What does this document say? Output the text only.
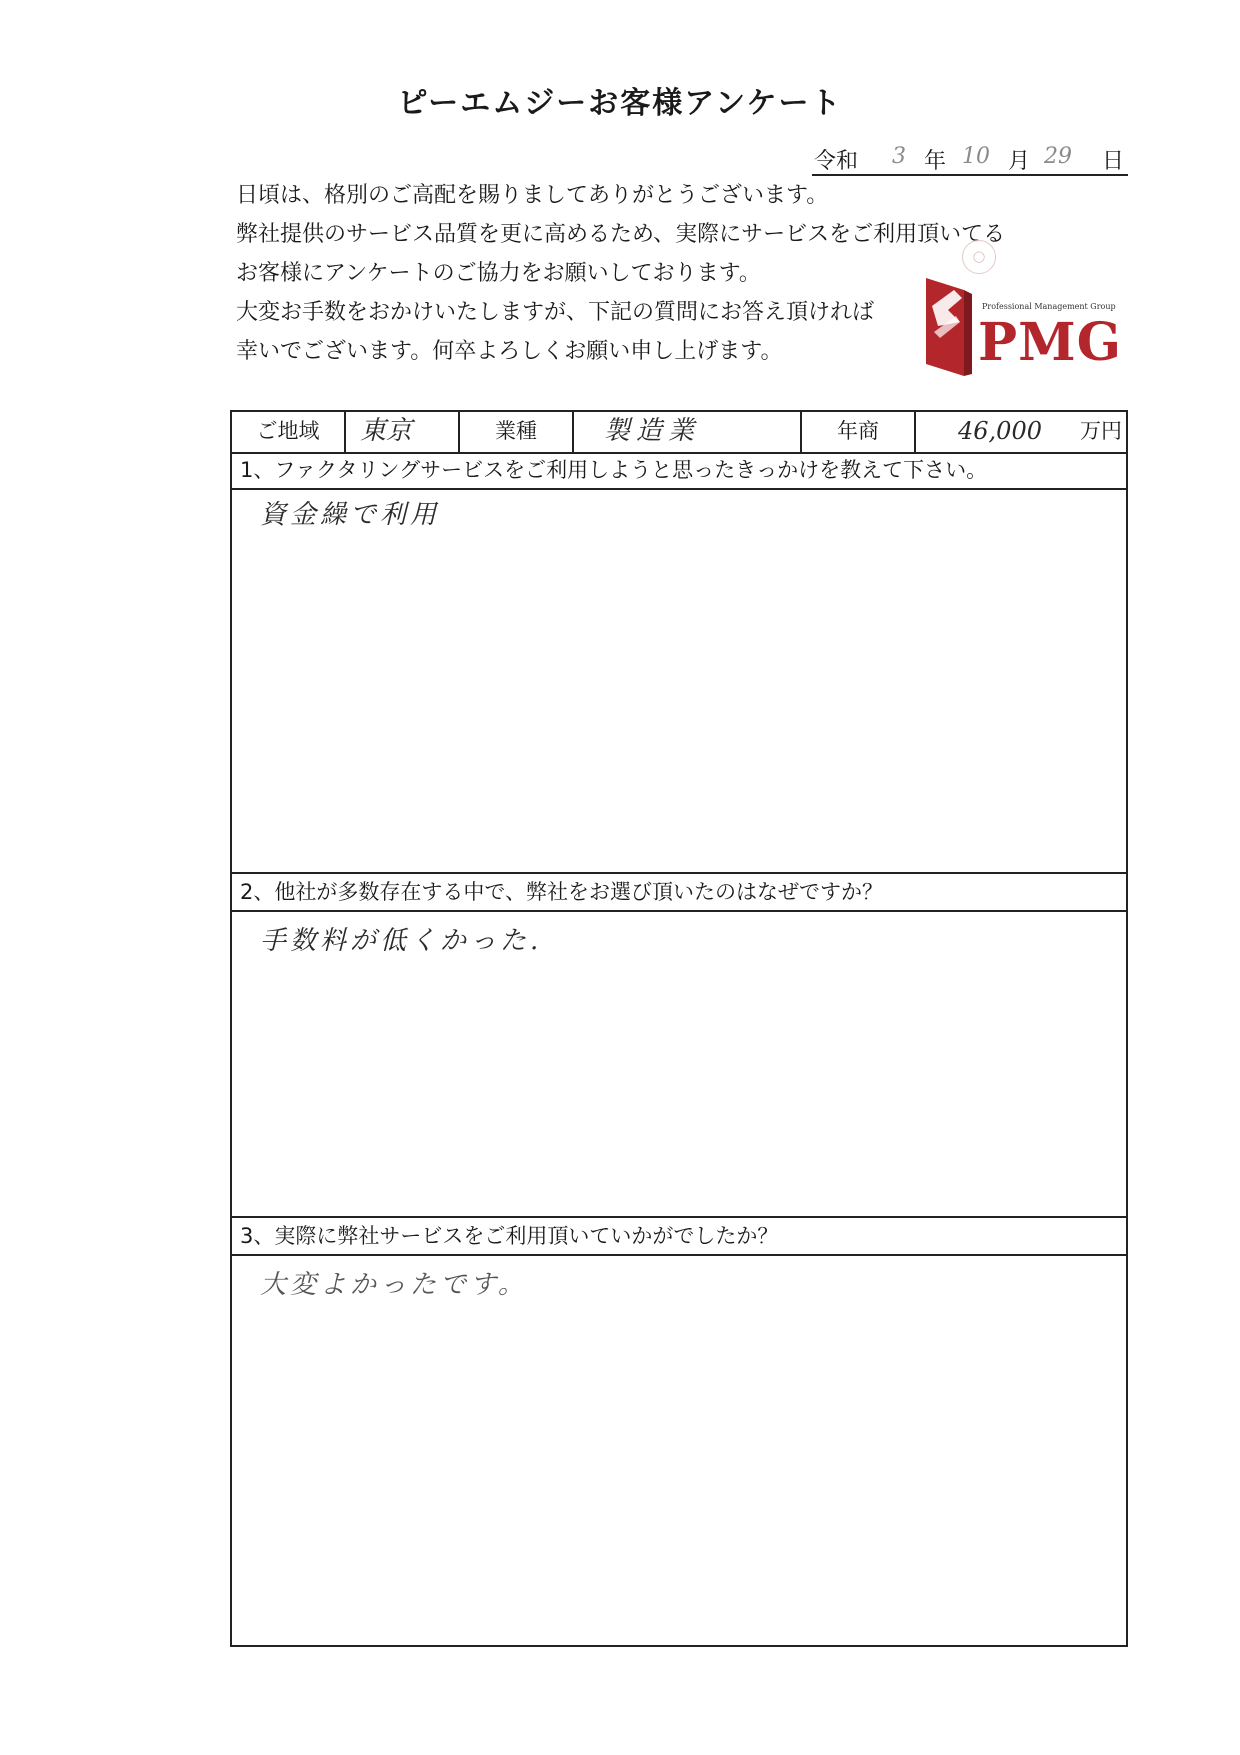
ピーエムジーお客様アンケート
令和 3 年 10 月 29 日
日頃は、格別のご高配を賜りましてありがとうございます。
弊社提供のサービス品質を更に高めるため、実際にサービスをご利用頂いてる
お客様にアンケートのご協力をお願いしております。
大変お手数をおかけいたしますが、下記の質問にお答え頂ければ
幸いでございます。何卒よろしくお願い申し上げます。
◯
Professional Management Group
PMG
ご地域	東京	業種	製造業	年商	46,000 万円
1、ファクタリングサービスをご利用しようと思ったきっかけを教えて下さい。
資金繰で利用
2、他社が多数存在する中で、弊社をお選び頂いたのはなぜですか？
手数料が低くかった.
3、実際に弊社サービスをご利用頂いていかがでしたか？
大変よかったです。
